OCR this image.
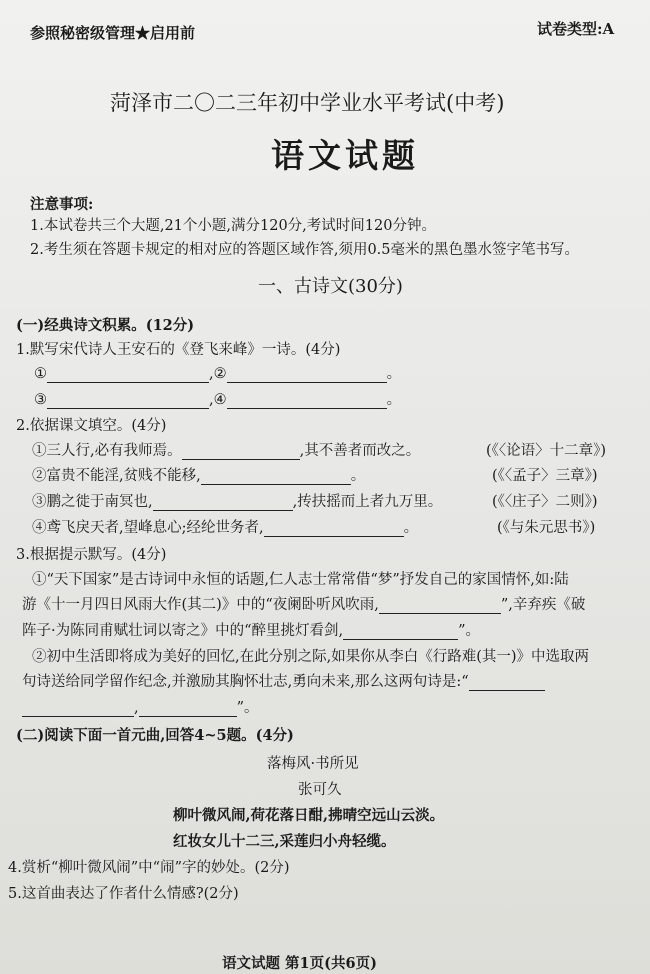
参照秘密级管理★启用前	试卷类型:A
菏泽市二〇二三年初中学业水平考试(中考)
语文试题
注意事项:
1.本试卷共三个大题,21个小题,满分120分,考试时间120分钟。
2.考生须在答题卡规定的相对应的答题区域作答,须用0.5毫米的黑色墨水签字笔书写。
一、古诗文(30分)
(一)经典诗文积累。(12分)
1.默写宋代诗人王安石的《登飞来峰》一诗。(4分)
①	,②	。
③	,④	。
2.依据课文填空。(4分)
①三人行,必有我师焉。	,其不善者而改之。	(《〈论语〉十二章》)
②富贵不能淫,贫贱不能移,	。	(《〈孟子〉三章》)
③鹏之徙于南冥也,	,抟扶摇而上者九万里。	(《〈庄子〉二则》)
④鸢飞戾天者,望峰息心;经纶世务者,	。	(《与朱元思书》)
3.根据提示默写。(4分)
①“天下国家”是古诗词中永恒的话题,仁人志士常常借“梦”抒发自己的家国情怀,如:陆
游《十一月四日风雨大作(其二)》中的“夜阑卧听风吹雨,	”,辛弃疾《破
阵子·为陈同甫赋壮词以寄之》中的“醉里挑灯看剑,	”。
②初中生活即将成为美好的回忆,在此分别之际,如果你从李白《行路难(其一)》中选取两
句诗送给同学留作纪念,并激励其胸怀壮志,勇向未来,那么这两句诗是:“
,	”。
(二)阅读下面一首元曲,回答4~5题。(4分)
落梅风·书所见
张可久
柳叶微风闹,荷花落日酣,拂晴空远山云淡。
红妆女儿十二三,采莲归小舟轻缆。
4.赏析“柳叶微风闹”中“闹”字的妙处。(2分)
5.这首曲表达了作者什么情感?(2分)
语文试题 第1页(共6页)
